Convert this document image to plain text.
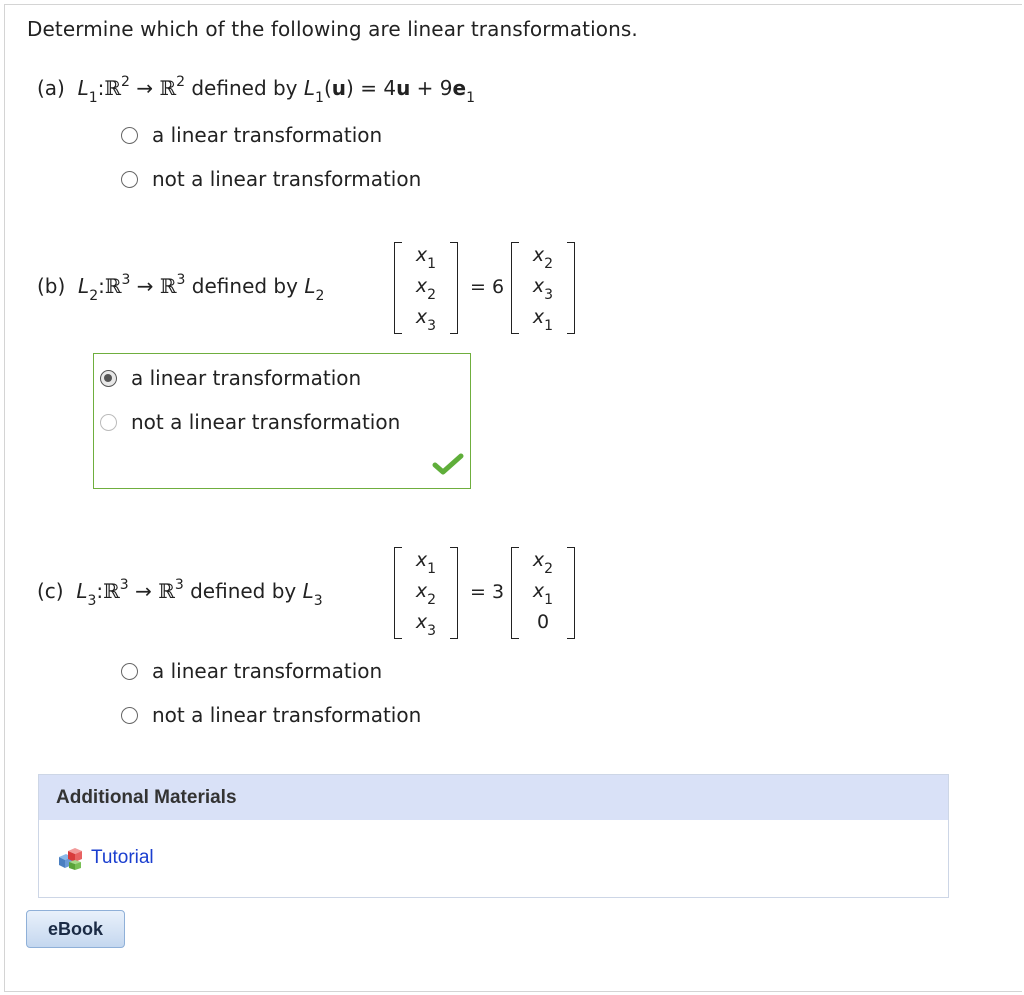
Determine which of the following are linear transformations.
(a) $L_1:ℝ^2$ → ℝ$^2$ defined by $L_1(u) = 4u + 9e_1$
a linear transformation
not a linear transformation
(b) $L_2:ℝ^3$ → ℝ$^3$ defined by $L_2$
$x_1$
$x_2$
$x_3$
= 6
$x_2$
$x_3$
$x_1$
a linear transformation
not a linear transformation
(c) $L_3:ℝ^3$ → ℝ$^3$ defined by $L_3$
$x_1$
$x_2$
$x_3$
= 3
$x_2$
$x_1$
0
a linear transformation
not a linear transformation
Additional Materials
Tutorial
eBook
